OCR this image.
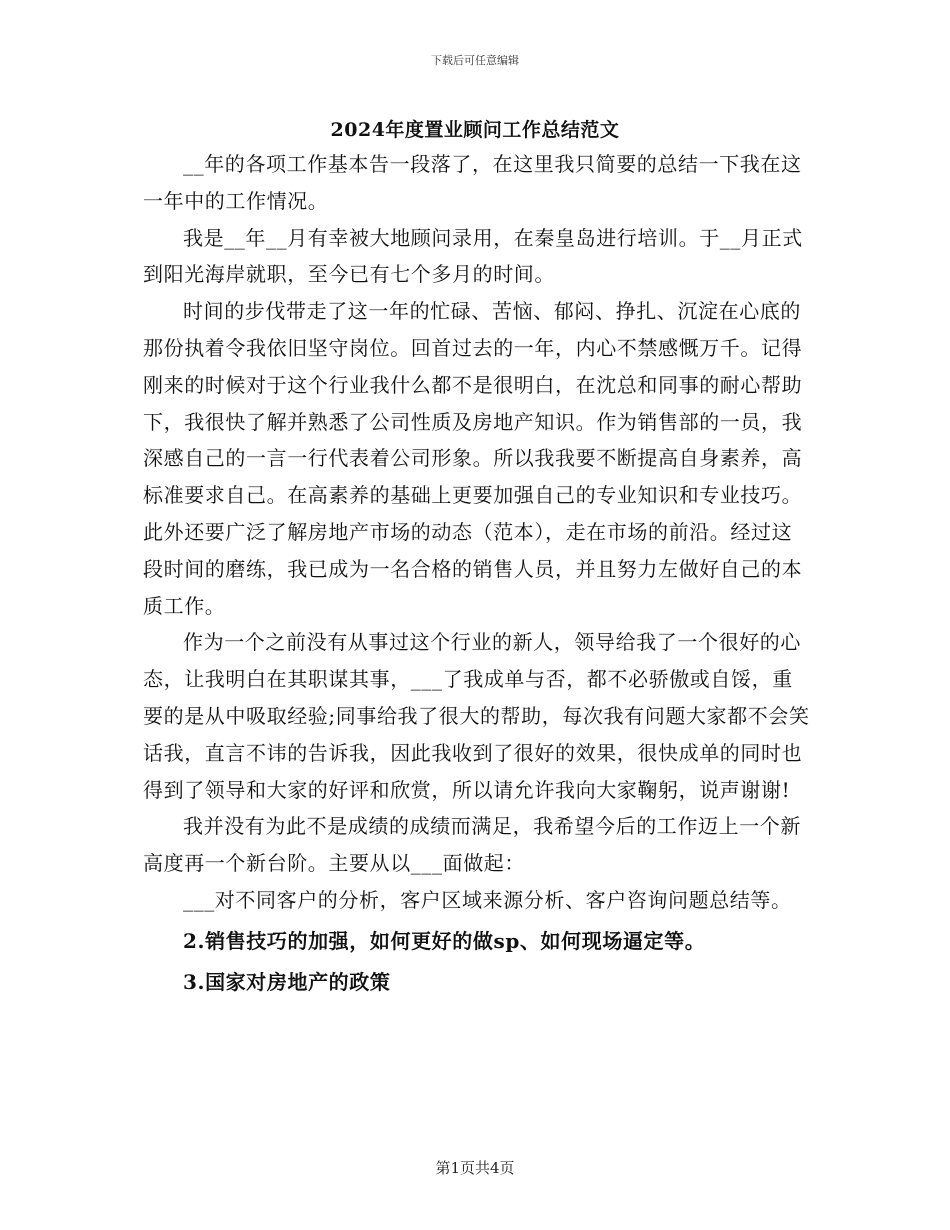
下载后可任意编辑
2024年度置业顾问工作总结范文

__年的各项工作基本告一段落了，在这里我只简要的总结一下我在这一年中的工作情况。

我是__年__月有幸被大地顾问录用，在秦皇岛进行培训。于__月正式到阳光海岸就职，至今已有七个多月的时间。

时间的步伐带走了这一年的忙碌、苦恼、郁闷、挣扎、沉淀在心底的那份执着令我依旧坚守岗位。回首过去的一年，内心不禁感慨万千。记得刚来的时候对于这个行业我什么都不是很明白，在沈总和同事的耐心帮助下，我很快了解并熟悉了公司性质及房地产知识。作为销售部的一员，我深感自己的一言一行代表着公司形象。所以我我要不断提高自身素养，高标准要求自己。在高素养的基础上更要加强自己的专业知识和专业技巧。此外还要广泛了解房地产市场的动态（范本），走在市场的前沿。经过这段时间的磨练，我已成为一名合格的销售人员，并且努力左做好自己的本质工作。

作为一个之前没有从事过这个行业的新人，领导给我了一个很好的心态，让我明白在其职谋其事，___了我成单与否，都不必骄傲或自馁，重要的是从中吸取经验;同事给我了很大的帮助，每次我有问题大家都不会笑话我，直言不讳的告诉我，因此我收到了很好的效果，很快成单的同时也得到了领导和大家的好评和欣赏，所以请允许我向大家鞠躬，说声谢谢!

我并没有为此不是成绩的成绩而满足，我希望今后的工作迈上一个新高度再一个新台阶。主要从以___面做起：

___对不同客户的分析，客户区域来源分析、客户咨询问题总结等。

2.销售技巧的加强，如何更好的做sp、如何现场逼定等。

3.国家对房地产的政策

第1页共4页
